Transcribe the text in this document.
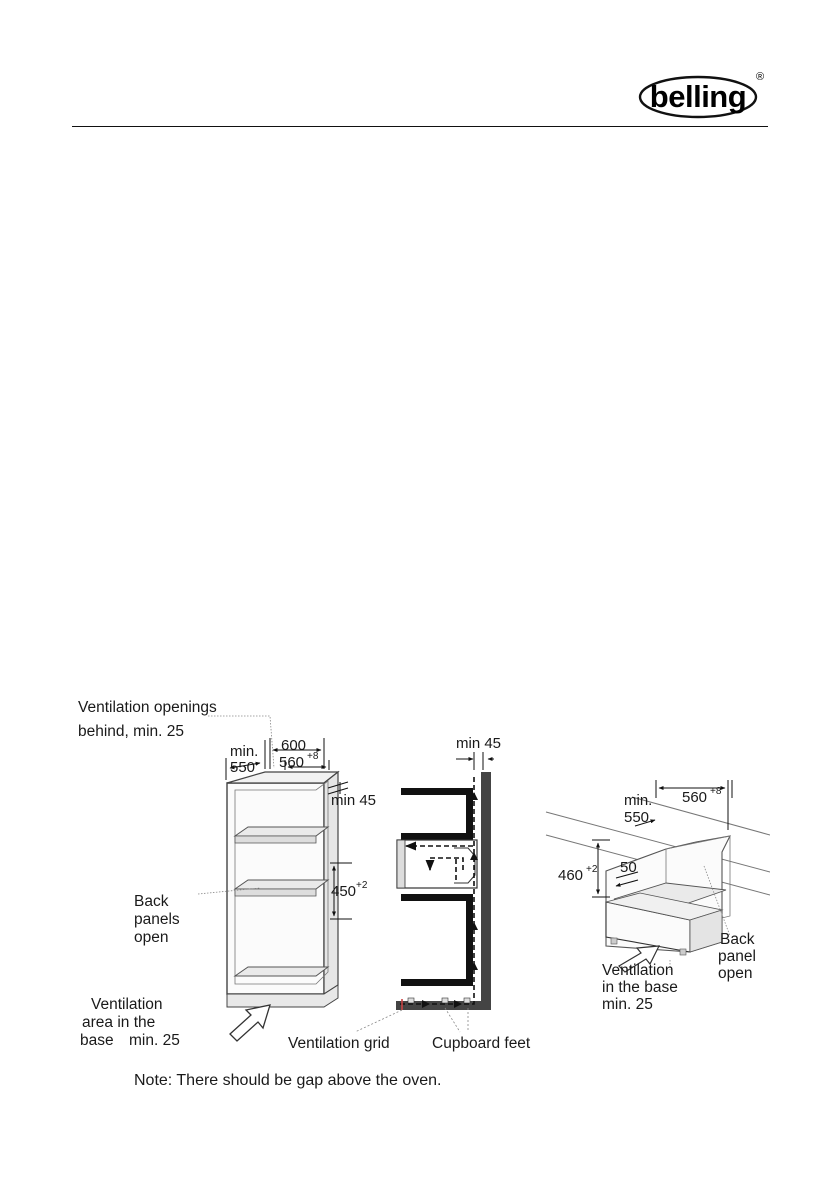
belling
®
Ventilation openings
behind, min. 25
min.
550
600
560 +8
min 45
450 +2
Back
panels
open
Ventilation
area in the
base min. 25
min 45
Ventilation grid	Cupboard feet
min.
550
560 +8
460 +2 50
Back
panel
open
Ventilation
in the base
min. 25
Note: There should be gap above the oven.
